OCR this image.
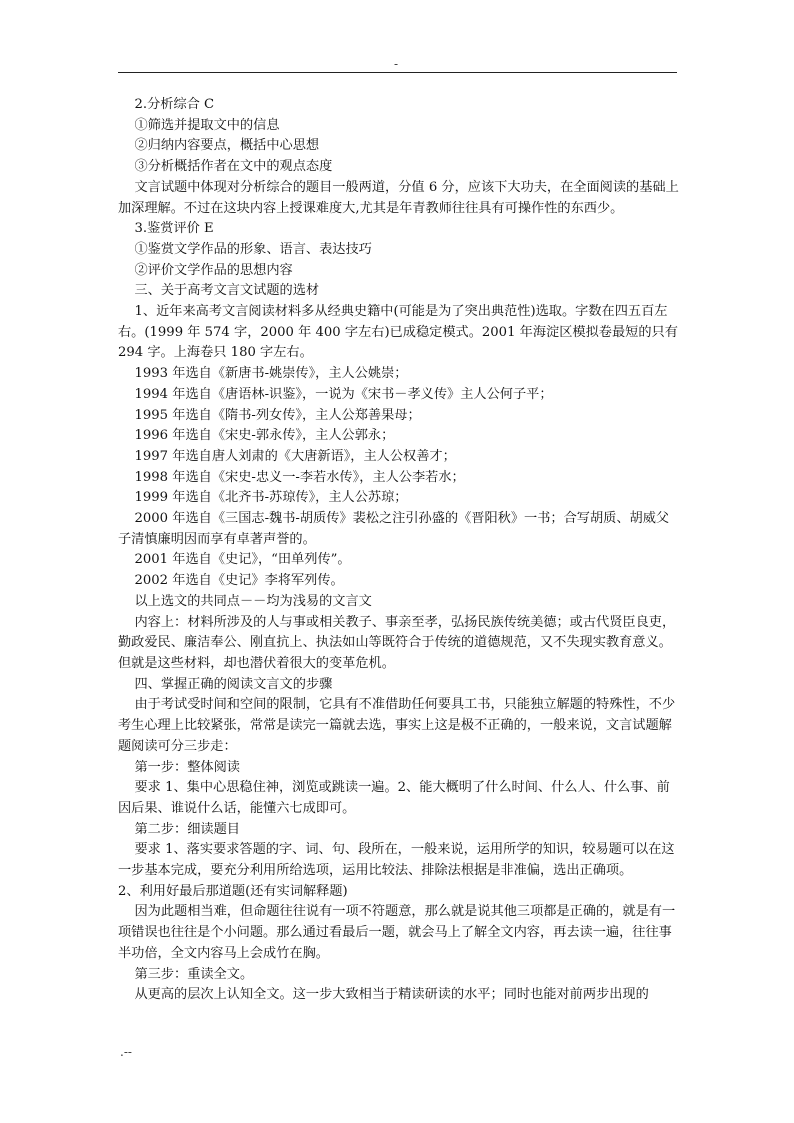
-

2.分析综合 C

①筛选并提取文中的信息

②归纳内容要点，概括中心思想

③分析概括作者在文中的观点态度

文言试题中体现对分析综合的题目一般两道，分值 6 分，应该下大功夫，在全面阅读的基础上加深理解。不过在这块内容上授课难度大,尤其是年青教师往往具有可操作性的东西少。

3.鉴赏评价 E

①鉴赏文学作品的形象、语言、表达技巧

②评价文学作品的思想内容

三、关于高考文言文试题的选材

1、近年来高考文言阅读材料多从经典史籍中(可能是为了突出典范性)选取。字数在四五百左右。(1999 年 574 字，2000 年 400 字左右)已成稳定模式。2001 年海淀区模拟卷最短的只有 294 字。上海卷只 180 字左右。

1993 年选自《新唐书-姚崇传》，主人公姚崇；

1994 年选自《唐语林-识鉴》，一说为《宋书－孝义传》主人公何子平；

1995 年选自《隋书-列女传》，主人公郑善果母；

1996 年选自《宋史-郭永传》，主人公郭永；

1997 年选自唐人刘肃的《大唐新语》，主人公权善才；

1998 年选自《宋史-忠义一-李若水传》，主人公李若水；

1999 年选自《北齐书-苏琼传》，主人公苏琼；

2000 年选自《三国志-魏书-胡质传》裴松之注引孙盛的《晋阳秋》一书；合写胡质、胡威父子清慎廉明因而享有卓著声誉的。

2001 年选自《史记》，“田单列传”。

2002 年选自《史记》李将军列传。

以上选文的共同点－－均为浅易的文言文

内容上：材料所涉及的人与事或相关教子、事亲至孝，弘扬民族传统美德；或古代贤臣良吏，勤政爱民、廉洁奉公、刚直抗上、执法如山等既符合于传统的道德规范，又不失现实教育意义。但就是这些材料，却也潜伏着很大的变革危机。

四、掌握正确的阅读文言文的步骤

由于考试受时间和空间的限制，它具有不准借助任何要具工书，只能独立解题的特殊性，不少考生心理上比较紧张，常常是读完一篇就去选，事实上这是极不正确的，一般来说，文言试题解题阅读可分三步走：

第一步：整体阅读

要求 1、集中心思稳住神，浏览或跳读一遍。2、能大概明了什么时间、什么人、什么事、前因后果、谁说什么话，能懂六七成即可。

第二步：细读题目

要求 1、落实要求答题的字、词、句、段所在，一般来说，运用所学的知识，较易题可以在这一步基本完成，要充分利用所给选项，运用比较法、排除法根据是非准偏，选出正确项。

2、利用好最后那道题(还有实词解释题)

因为此题相当难，但命题往往说有一项不符题意，那么就是说其他三项都是正确的，就是有一项错误也往往是个小问题。那么通过看最后一题，就会马上了解全文内容，再去读一遍，往往事半功倍，全文内容马上会成竹在胸。

第三步：重读全文。

从更高的层次上认知全文。这一步大致相当于精读研读的水平；同时也能对前两步出现的

.--
